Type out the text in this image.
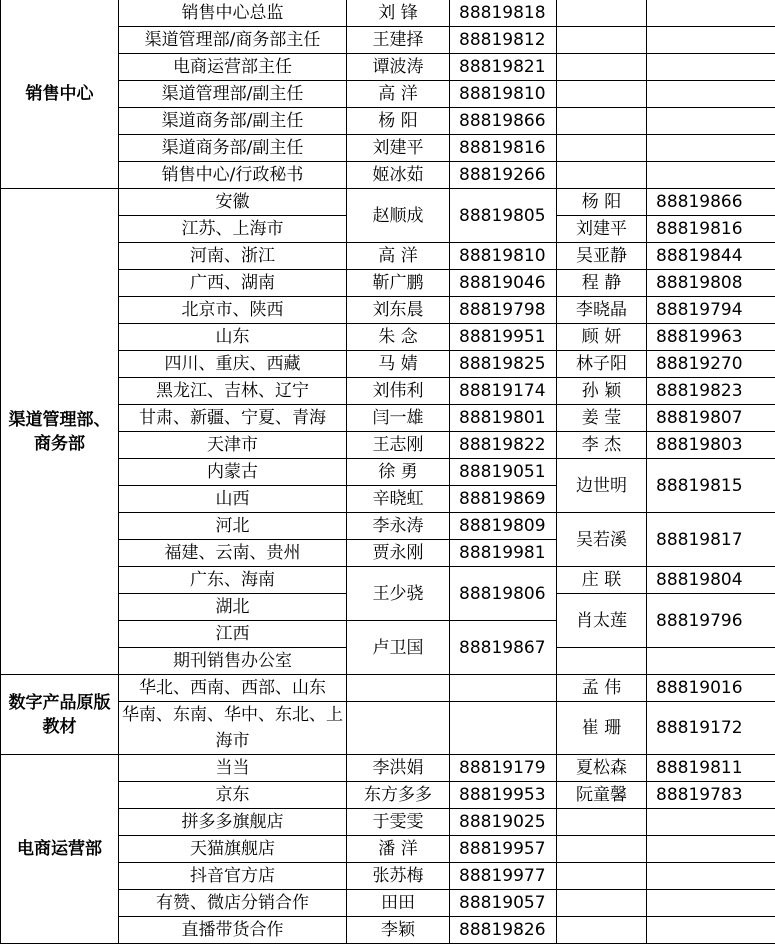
销售中心	销售中心总监	刘 锋	88819818		
	渠道管理部/商务部主任	王建择	88819812		
	电商运营部主任	谭波涛	88819821		
	渠道管理部/副主任	高 洋	88819810		
	渠道商务部/副主任	杨 阳	88819866		
	渠道商务部/副主任	刘建平	88819816		
	销售中心/行政秘书	姬冰茹	88819266		
渠道管理部、商务部	安徽	赵顺成	88819805	杨 阳	88819866
	江苏、上海市			刘建平	88819816
	河南、浙江	高 洋	88819810	吴亚静	88819844
	广西、湖南	靳广鹏	88819046	程 静	88819808
	北京市、陕西	刘东晨	88819798	李晓晶	88819794
	山东	朱 念	88819951	顾 妍	88819963
	四川、重庆、西藏	马 婧	88819825	林子阳	88819270
	黑龙江、吉林、辽宁	刘伟利	88819174	孙 颖	88819823
	甘肃、新疆、宁夏、青海	闫一雄	88819801	姜 莹	88819807
	天津市	王志刚	88819822	李 杰	88819803
	内蒙古	徐 勇	88819051	边世明	88819815
	山西	辛晓虹	88819869		
	河北	李永涛	88819809	吴若溪	88819817
	福建、云南、贵州	贾永刚	88819981		
	广东、海南	王少骁	88819806	庄 联	88819804
	湖北			肖太莲	88819796
	江西	卢卫国	88819867		
	期刊销售办公室				
数字产品原版教材	华北、西南、西部、山东			孟 伟	88819016
	华南、东南、华中、东北、上海市			崔 珊	88819172

电商运营部	当当	李洪娟	88819179	夏松森	88819811
	京东	东方多多	88819953	阮童馨	88819783
	拼多多旗舰店	于雯雯	88819025		
	天猫旗舰店	潘 洋	88819957		
	抖音官方店	张苏梅	88819977		
	有赞、微店分销合作	田田	88819057		
	直播带货合作	李颖	88819826		
